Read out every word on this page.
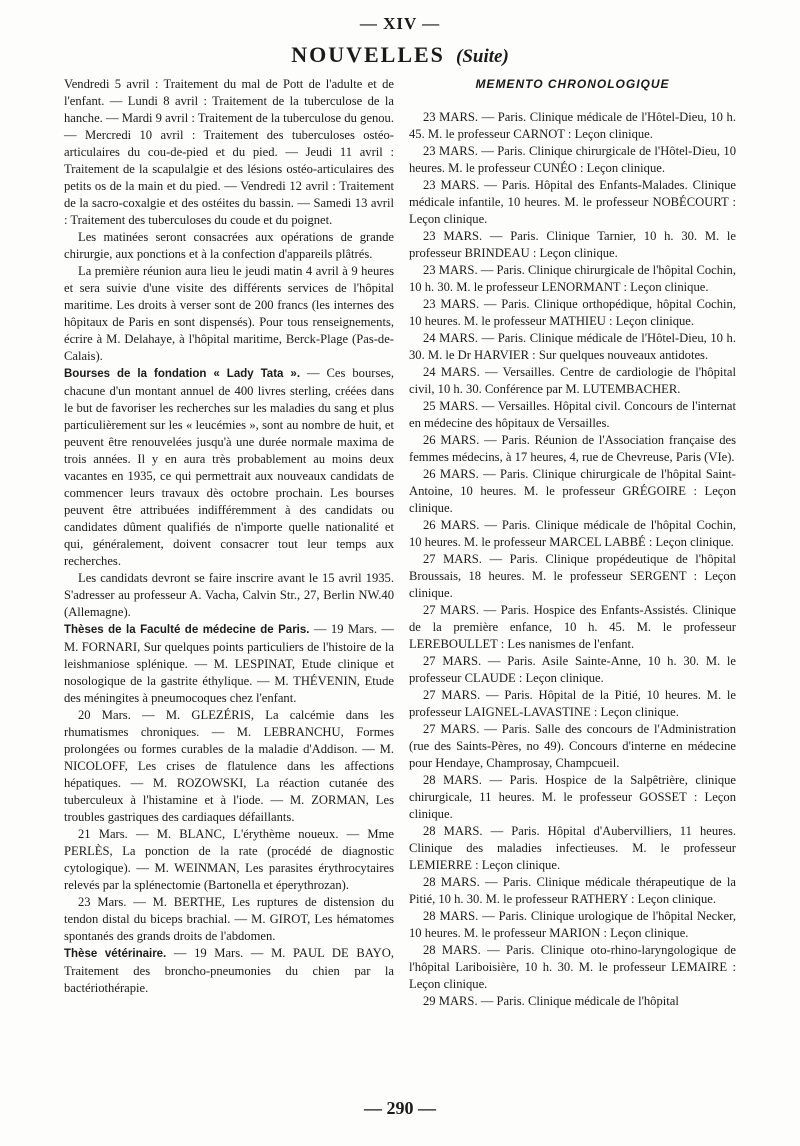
— XIV —
NOUVELLES (Suite)

Vendredi 5 avril : Traitement du mal de Pott de l'adulte et de l'enfant. — Lundi 8 avril : Traitement de la tuberculose de la hanche. — Mardi 9 avril : Traitement de la tuberculose du genou. — Mercredi 10 avril : Traitement des tuberculoses ostéo-articulaires du cou-de-pied et du pied. — Jeudi 11 avril : Traitement de la scapulalgie et des lésions ostéo-articulaires des petits os de la main et du pied. — Vendredi 12 avril : Traitement de la sacro-coxalgie et des ostéites du bassin. — Samedi 13 avril : Traitement des tuberculoses du coude et du poignet.

Les matinées seront consacrées aux opérations de grande chirurgie, aux ponctions et à la confection d'appareils plâtrés.

La première réunion aura lieu le jeudi matin 4 avril à 9 heures et sera suivie d'une visite des différents services de l'hôpital maritime. Les droits à verser sont de 200 francs (les internes des hôpitaux de Paris en sont dispensés). Pour tous renseignements, écrire à M. Delahaye, à l'hôpital maritime, Berck-Plage (Pas-de-Calais).

Bourses de la fondation « Lady Tata ». — Ces bourses, chacune d'un montant annuel de 400 livres sterling, créées dans le but de favoriser les recherches sur les maladies du sang et plus particulièrement sur les « leucémies », sont au nombre de huit, et peuvent être renouvelées jusqu'à une durée normale maxima de trois années. Il y en aura très probablement au moins deux vacantes en 1935, ce qui permettrait aux nouveaux candidats de commencer leurs travaux dès octobre prochain. Les bourses peuvent être attribuées indifféremment à des candidats ou candidates dûment qualifiés de n'importe quelle nationalité et qui, généralement, doivent consacrer tout leur temps aux recherches.

Les candidats devront se faire inscrire avant le 15 avril 1935. S'adresser au professeur A. Vacha, Calvin Str., 27, Berlin NW.40 (Allemagne).

Thèses de la Faculté de médecine de Paris. — 19 Mars. — M. FORNARI, Sur quelques points particuliers de l'histoire de la leishmaniose splénique. — M. LESPINAT, Etude clinique et nosologique de la gastrite éthylique. — M. THÉVENIN, Etude des méningites à pneumocoques chez l'enfant.

20 Mars. — M. GLEZÉRIS, La calcémie dans les rhumatismes chroniques. — M. LEBRANCHU, Formes prolongées ou formes curables de la maladie d'Addison. — M. NICOLOFF, Les crises de flatulence dans les affections hépatiques. — M. ROZOWSKI, La réaction cutanée des tuberculeux à l'histamine et à l'iode. — M. ZORMAN, Les troubles gastriques des cardiaques défaillants.

21 Mars. — M. BLANC, L'érythème noueux. — Mme PERLÈS, La ponction de la rate (procédé de diagnostic cytologique). — M. WEINMAN, Les parasites érythrocytaires relevés par la splénectomie (Bartonella et éperythrozan).

23 Mars. — M. BERTHE, Les ruptures de distension du tendon distal du biceps brachial. — M. GIROT, Les hématomes spontanés des grands droits de l'abdomen.

Thèse vétérinaire. — 19 Mars. — M. PAUL DE BAYO, Traitement des broncho-pneumonies du chien par la bactériothérapie.

MEMENTO CHRONOLOGIQUE

23 MARS. — Paris. Clinique médicale de l'Hôtel-Dieu, 10 h. 45. M. le professeur CARNOT : Leçon clinique.

23 MARS. — Paris. Clinique chirurgicale de l'Hôtel-Dieu, 10 heures. M. le professeur CUNÉO : Leçon clinique.

23 MARS. — Paris. Hôpital des Enfants-Malades. Clinique médicale infantile, 10 heures. M. le professeur NOBÉCOURT : Leçon clinique.

23 MARS. — Paris. Clinique Tarnier, 10 h. 30. M. le professeur BRINDEAU : Leçon clinique.

23 MARS. — Paris. Clinique chirurgicale de l'hôpital Cochin, 10 h. 30. M. le professeur LENORMANT : Leçon clinique.

23 MARS. — Paris. Clinique orthopédique, hôpital Cochin, 10 heures. M. le professeur MATHIEU : Leçon clinique.

24 MARS. — Paris. Clinique médicale de l'Hôtel-Dieu, 10 h. 30. M. le Dr HARVIER : Sur quelques nouveaux antidotes.

24 MARS. — Versailles. Centre de cardiologie de l'hôpital civil, 10 h. 30. Conférence par M. LUTEMBACHER.

25 MARS. — Versailles. Hôpital civil. Concours de l'internat en médecine des hôpitaux de Versailles.

26 MARS. — Paris. Réunion de l'Association française des femmes médecins, à 17 heures, 4, rue de Chevreuse, Paris (VIe).

26 MARS. — Paris. Clinique chirurgicale de l'hôpital Saint-Antoine, 10 heures. M. le professeur GRÉGOIRE : Leçon clinique.

26 MARS. — Paris. Clinique médicale de l'hôpital Cochin, 10 heures. M. le professeur MARCEL LABBÉ : Leçon clinique.

27 MARS. — Paris. Clinique propédeutique de l'hôpital Broussais, 18 heures. M. le professeur SERGENT : Leçon clinique.

27 MARS. — Paris. Hospice des Enfants-Assistés. Clinique de la première enfance, 10 h. 45. M. le professeur LEREBOULLET : Les nanismes de l'enfant.

27 MARS. — Paris. Asile Sainte-Anne, 10 h. 30. M. le professeur CLAUDE : Leçon clinique.

27 MARS. — Paris. Hôpital de la Pitié, 10 heures. M. le professeur LAIGNEL-LAVASTINE : Leçon clinique.

27 MARS. — Paris. Salle des concours de l'Administration (rue des Saints-Pères, no 49). Concours d'interne en médecine pour Hendaye, Champrosay, Champcueil.

28 MARS. — Paris. Hospice de la Salpêtrière, clinique chirurgicale, 11 heures. M. le professeur GOSSET : Leçon clinique.

28 MARS. — Paris. Hôpital d'Aubervilliers, 11 heures. Clinique des maladies infectieuses. M. le professeur LEMIERRE : Leçon clinique.

28 MARS. — Paris. Clinique médicale thérapeutique de la Pitié, 10 h. 30. M. le professeur RATHERY : Leçon clinique.

28 MARS. — Paris. Clinique urologique de l'hôpital Necker, 10 heures. M. le professeur MARION : Leçon clinique.

28 MARS. — Paris. Clinique oto-rhino-laryngologique de l'hôpital Lariboisière, 10 h. 30. M. le professeur LEMAIRE : Leçon clinique.

29 MARS. — Paris. Clinique médicale de l'hôpital

— 290 —
